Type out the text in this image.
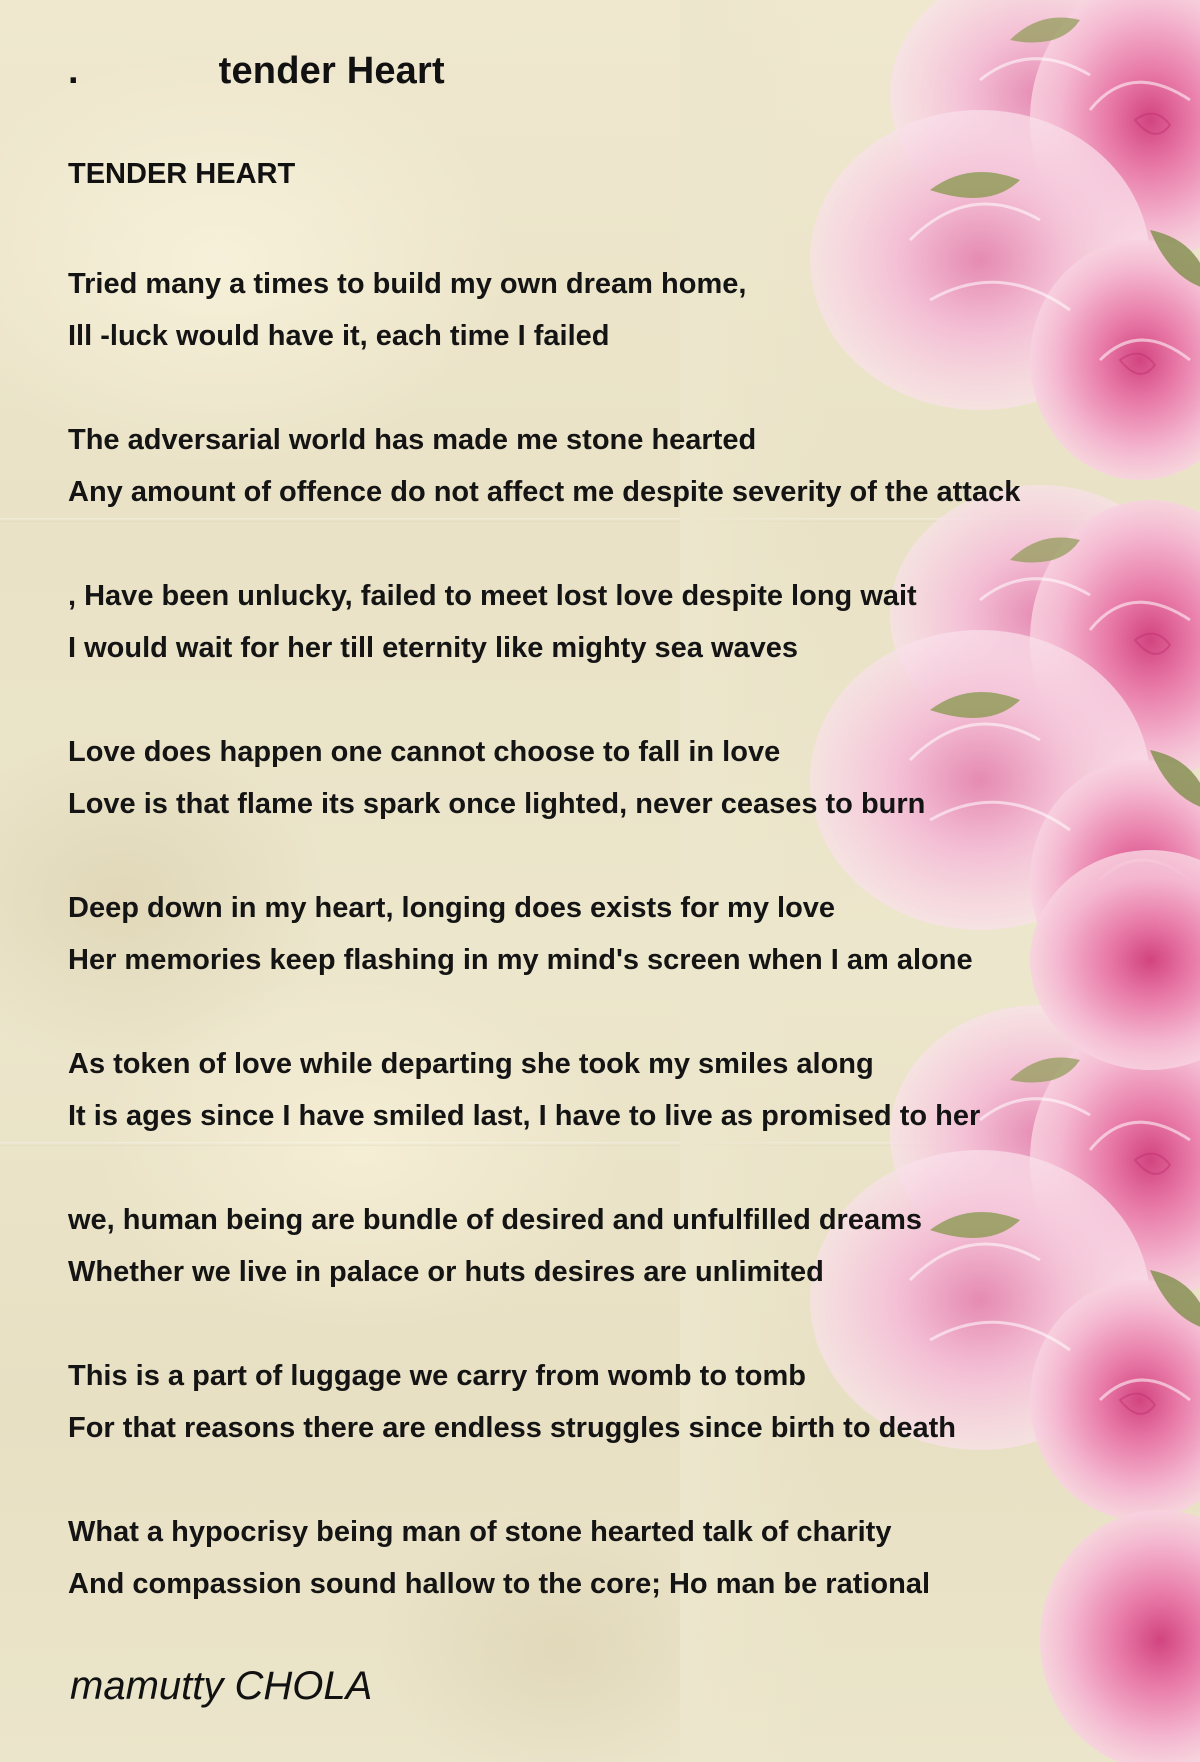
.             tender Heart
TENDER HEART

Tried many a times to build my own dream home,
Ill -luck would have it, each time I failed

The adversarial world has made me stone hearted
Any amount of offence do not affect me despite severity of the attack

, Have been unlucky, failed to meet lost love despite long wait
I would wait for her till eternity like mighty sea waves

Love does happen one cannot choose to fall in love
Love is that flame its spark once lighted, never ceases to burn

Deep down in my heart, longing does exists for my love
Her memories keep flashing in my mind's screen when I am alone

As token of love while departing she took my smiles along
It is ages since I have smiled last, I have to live as promised to her

we, human being are bundle of desired and unfulfilled dreams
Whether we live in palace or huts desires are unlimited

This is a part of luggage we carry from womb to tomb
For that reasons there are endless struggles since birth to death

What a hypocrisy being man of stone hearted talk of charity
And compassion sound hallow to the core; Ho man be rational

mamutty CHOLA
